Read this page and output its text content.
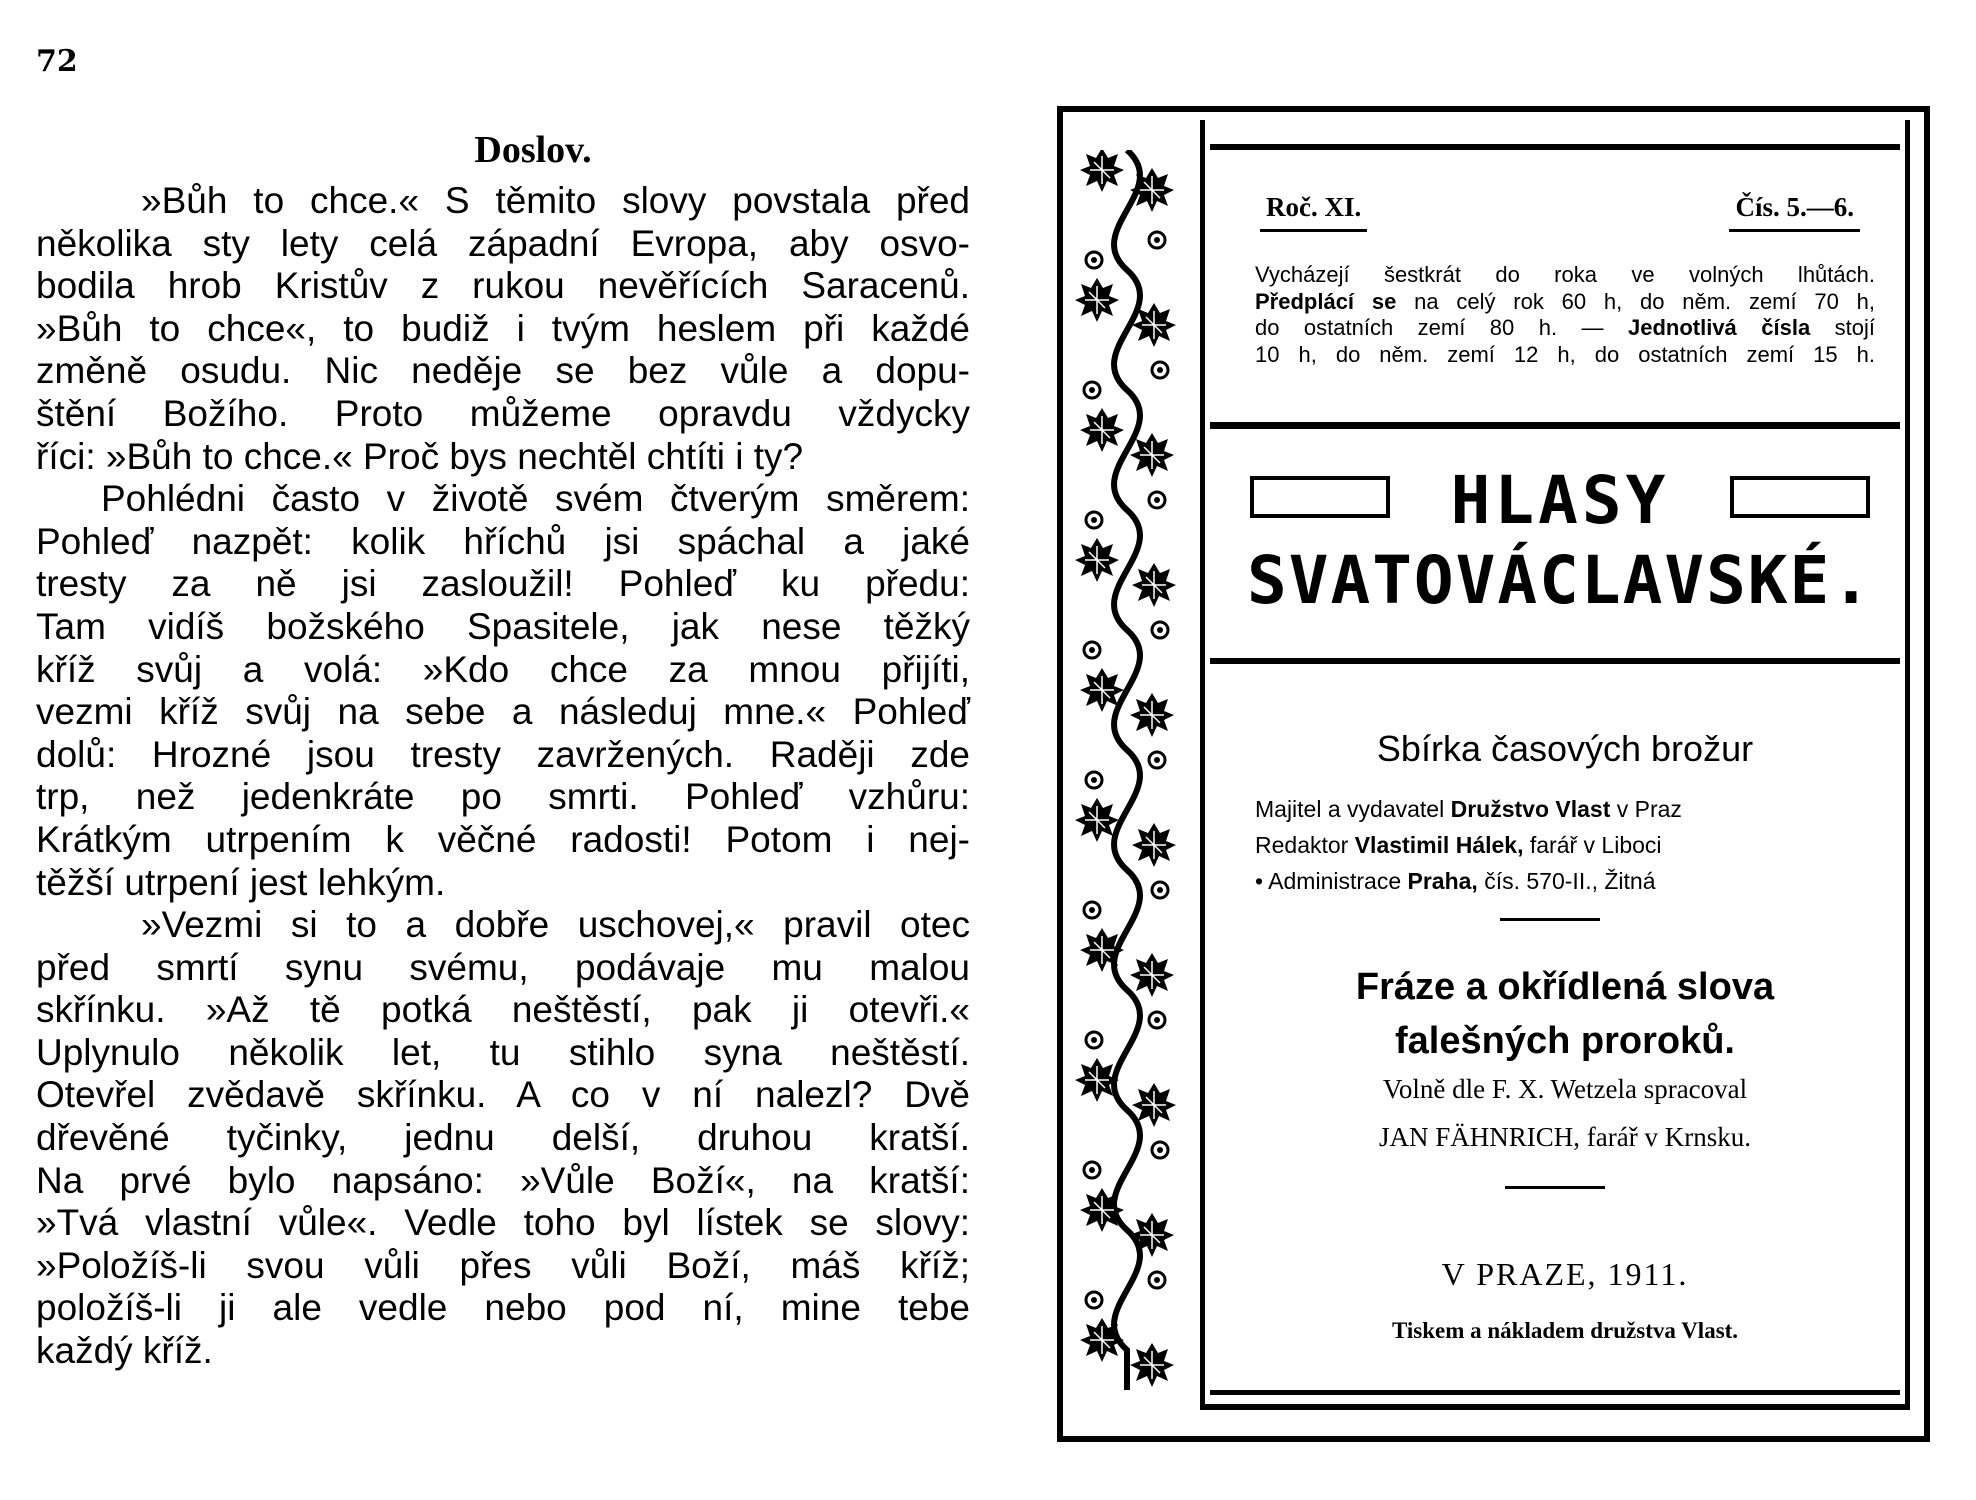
72
Doslov.
»Bůh to chce.« S těmito slovy povstala před
několika sty lety celá západní Evropa, aby osvo-
bodila hrob Kristův z rukou nevěřících Saracenů.
»Bůh to chce«, to budiž i tvým heslem při každé
změně osudu. Nic neděje se bez vůle a dopu-
štění Božího. Proto můžeme opravdu vždycky
říci: »Bůh to chce.« Proč bys nechtěl chtíti i ty?
Pohlédni často v životě svém čtverým směrem:
Pohleď nazpět: kolik hříchů jsi spáchal a jaké
tresty za ně jsi zasloužil! Pohleď ku předu:
Tam vidíš božského Spasitele, jak nese těžký
kříž svůj a volá: »Kdo chce za mnou přijíti,
vezmi kříž svůj na sebe a následuj mne.« Pohleď
dolů: Hrozné jsou tresty zavržených. Raději zde
trp, než jedenkráte po smrti. Pohleď vzhůru:
Krátkým utrpením k věčné radosti! Potom i nej-
těžší utrpení jest lehkým.
»Vezmi si to a dobře uschovej,« pravil otec
před smrtí synu svému, podávaje mu malou
skřínku. »Až tě potká neštěstí, pak ji otevři.«
Uplynulo několik let, tu stihlo syna neštěstí.
Otevřel zvědavě skřínku. A co v ní nalezl? Dvě
dřevěné tyčinky, jednu delší, druhou kratší.
Na prvé bylo napsáno: »Vůle Boží«, na kratší:
»Tvá vlastní vůle«. Vedle toho byl lístek se slovy:
»Položíš-li svou vůli přes vůli Boží, máš kříž;
položíš-li ji ale vedle nebo pod ní, mine tebe
každý kříž.
Roč. XI.	Čís. 5.—6.
Vycházejí šestkrát do roka ve volných lhůtách.
Předplácí se na celý rok 60 h, do něm. zemí 70 h,
do ostatních zemí 80 h. — Jednotlivá čísla stojí
10 h, do něm. zemí 12 h, do ostatních zemí 15 h.
HLASY
SVATOVÁCLAVSKÉ.
Sbírka časových brožur
Majitel a vydavatel Družstvo Vlast v Praz
Redaktor Vlastimil Hálek, farář v Liboci
• Administrace Praha, čís. 570-II., Žitná
Fráze a okřídlená slova
falešných proroků.
Volně dle F. X. Wetzela spracoval
JAN FÄHNRICH, farář v Krnsku.
V PRAZE, 1911.
Tiskem a nákladem družstva Vlast.
